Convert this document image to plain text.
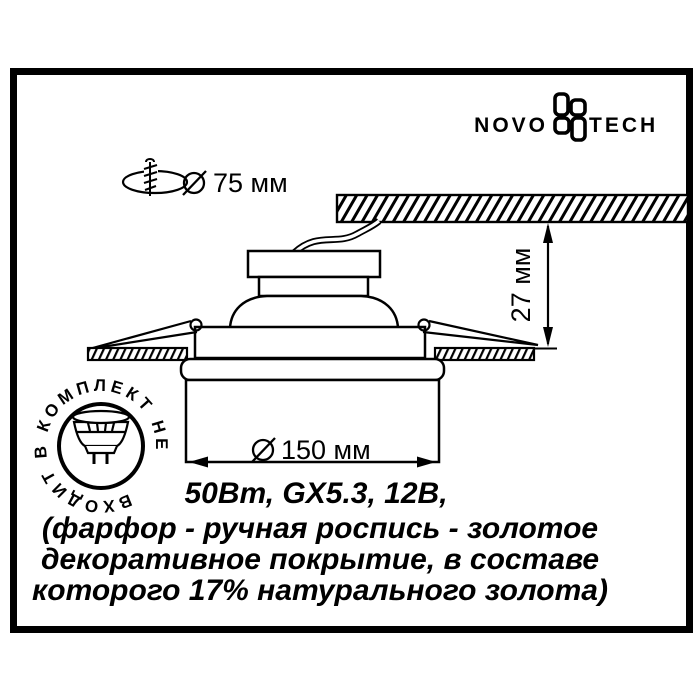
NOVO TECH
75 мм
150 мм
27 мм
50Вт, GX5.3, 12В,
(фарфор - ручная роспись - золотое
декоративное покрытие, в составе
которого 17% натурального золота)
ВХОДИТ В КОМПЛЕКТ НЕ
